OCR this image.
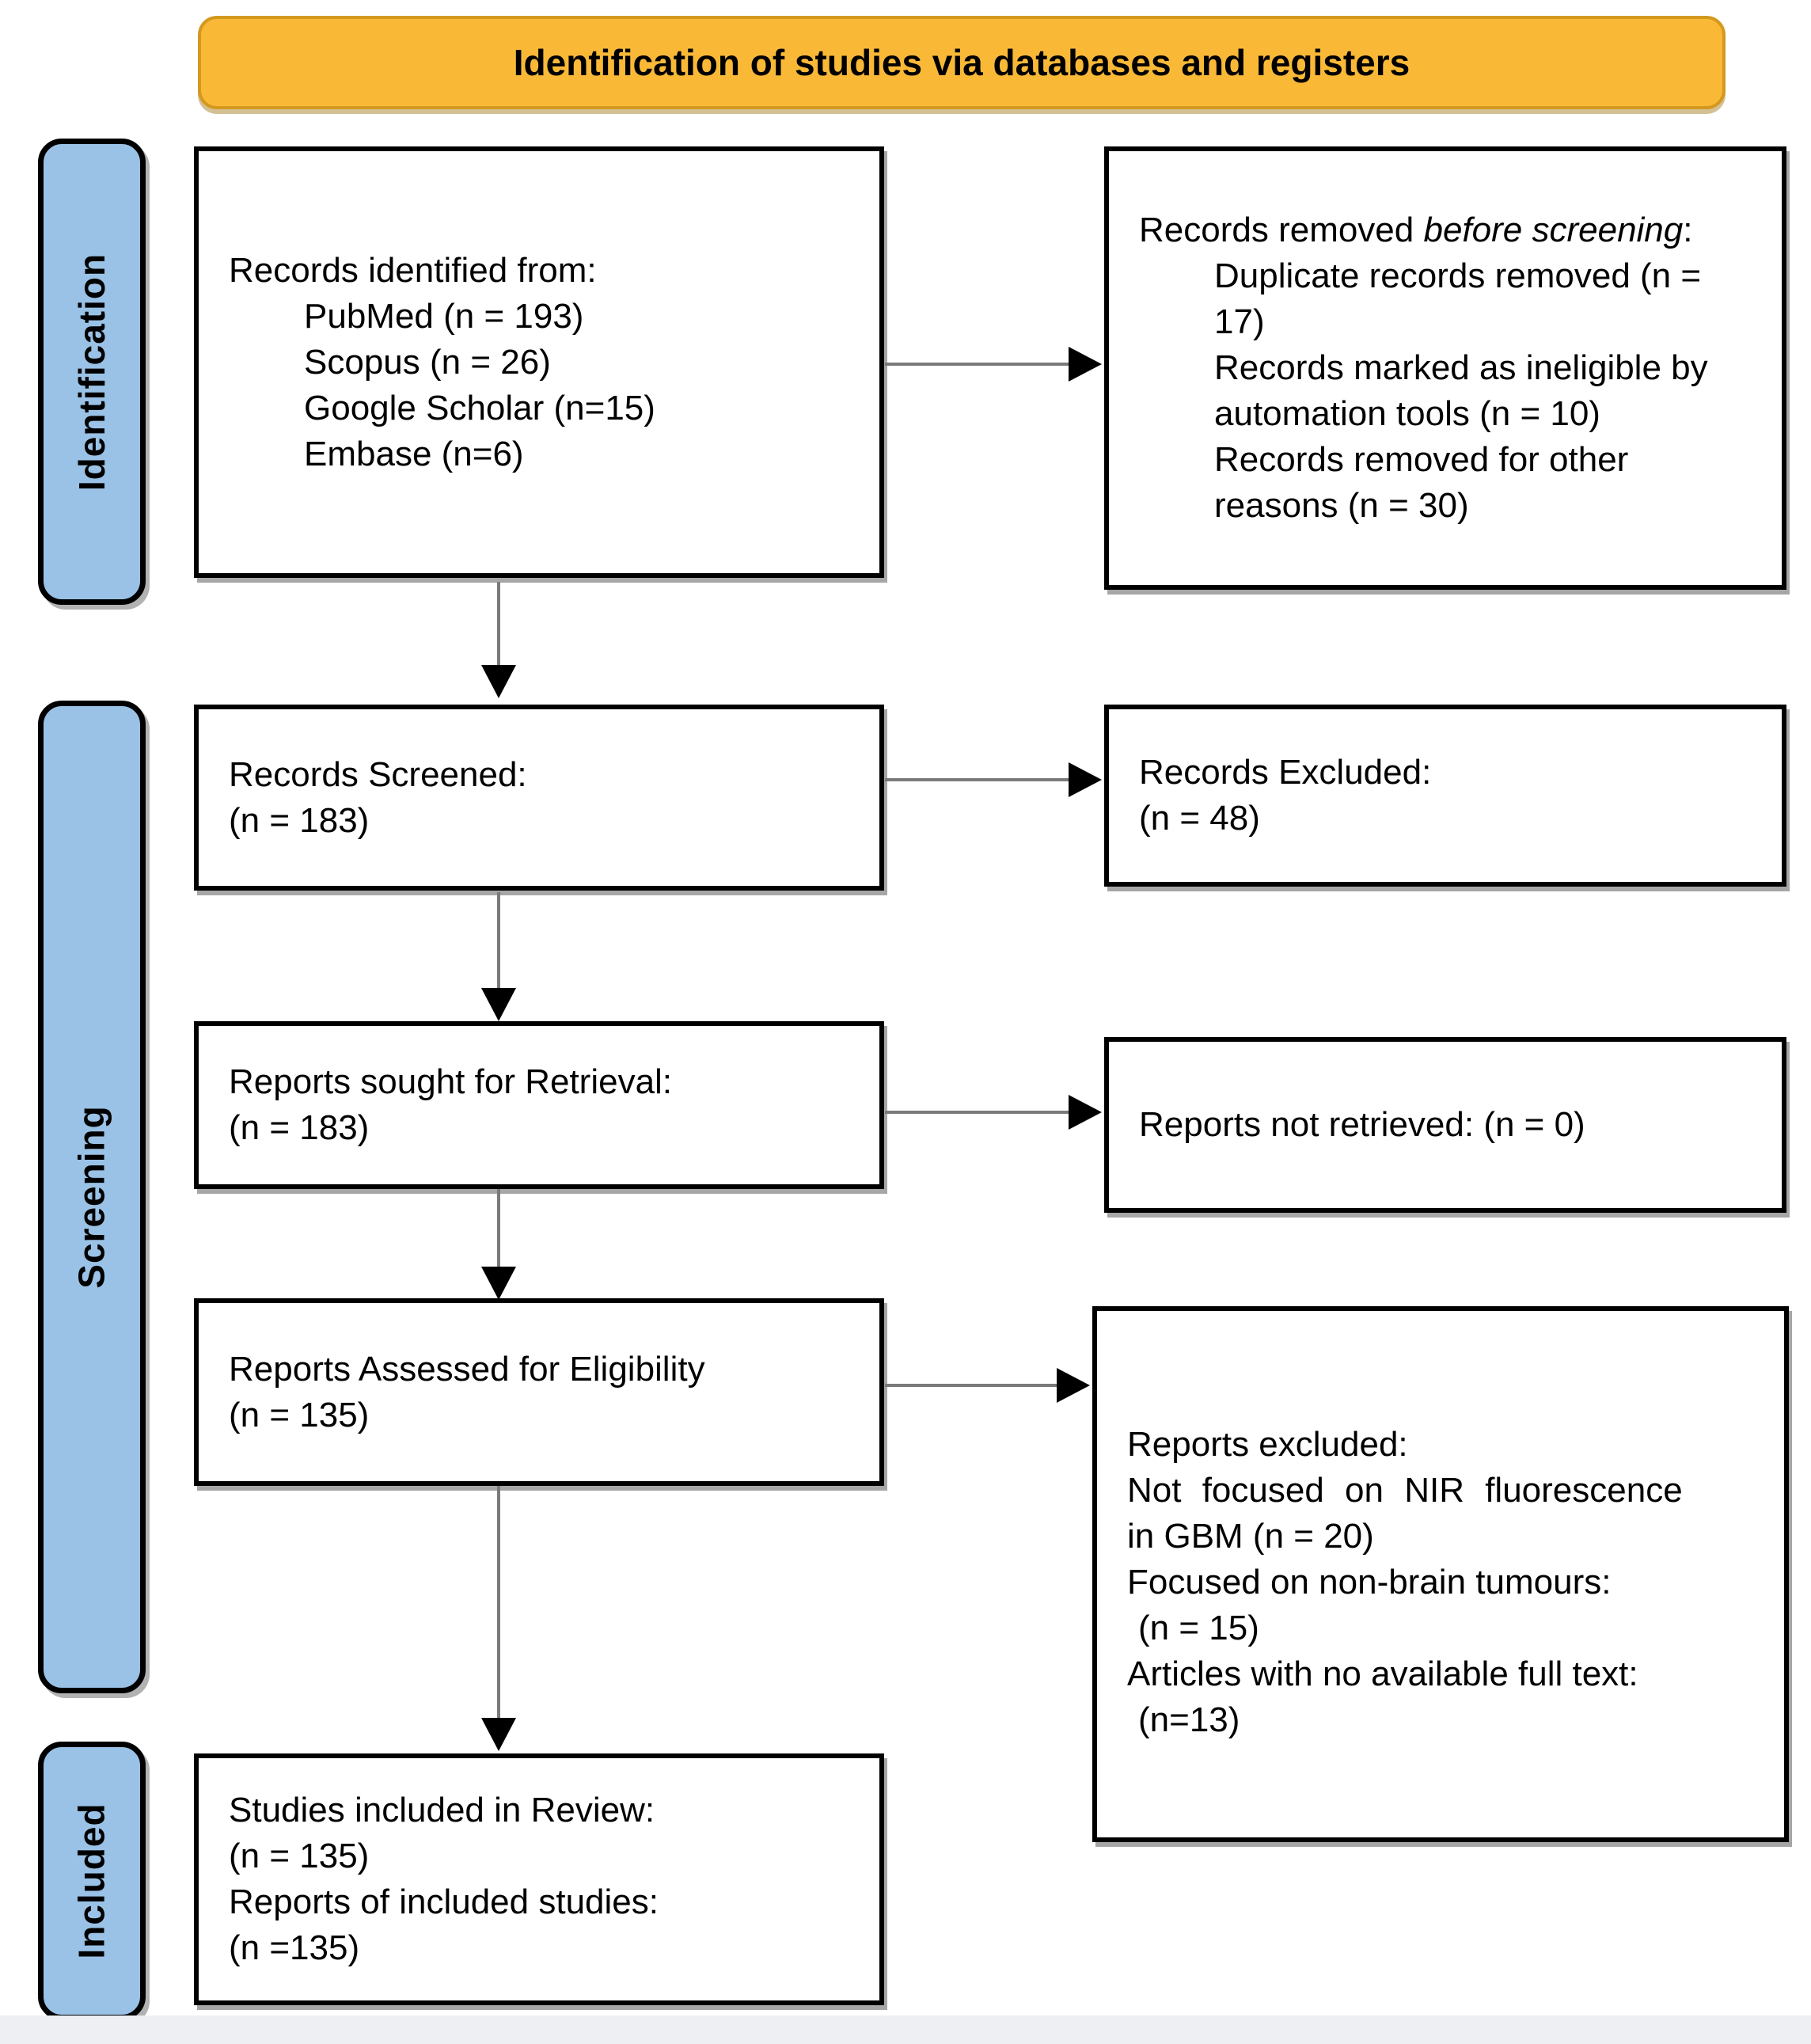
Identification of studies via databases and registers
Identification
Screening
Included
Records identified from:
PubMed (n = 193)
Scopus (n = 26)
Google Scholar (n=15)
Embase (n=6)
Records removed before screening:
Duplicate records removed (n = 17)
Records marked as ineligible by automation tools (n = 10)
Records removed for other reasons (n = 30)
Records Screened:
(n = 183)
Records Excluded:
(n = 48)
Reports sought for Retrieval:
(n = 183)	Reports not retrieved: (n = 0)
Reports Assessed for Eligibility
(n = 135)
Reports excluded:
Not focused on NIR fluorescence
in GBM (n = 20)
Focused on non-brain tumours:
(n = 15)
Articles with no available full text:
(n=13)
Studies included in Review:
(n = 135)
Reports of included studies:
(n =135)
